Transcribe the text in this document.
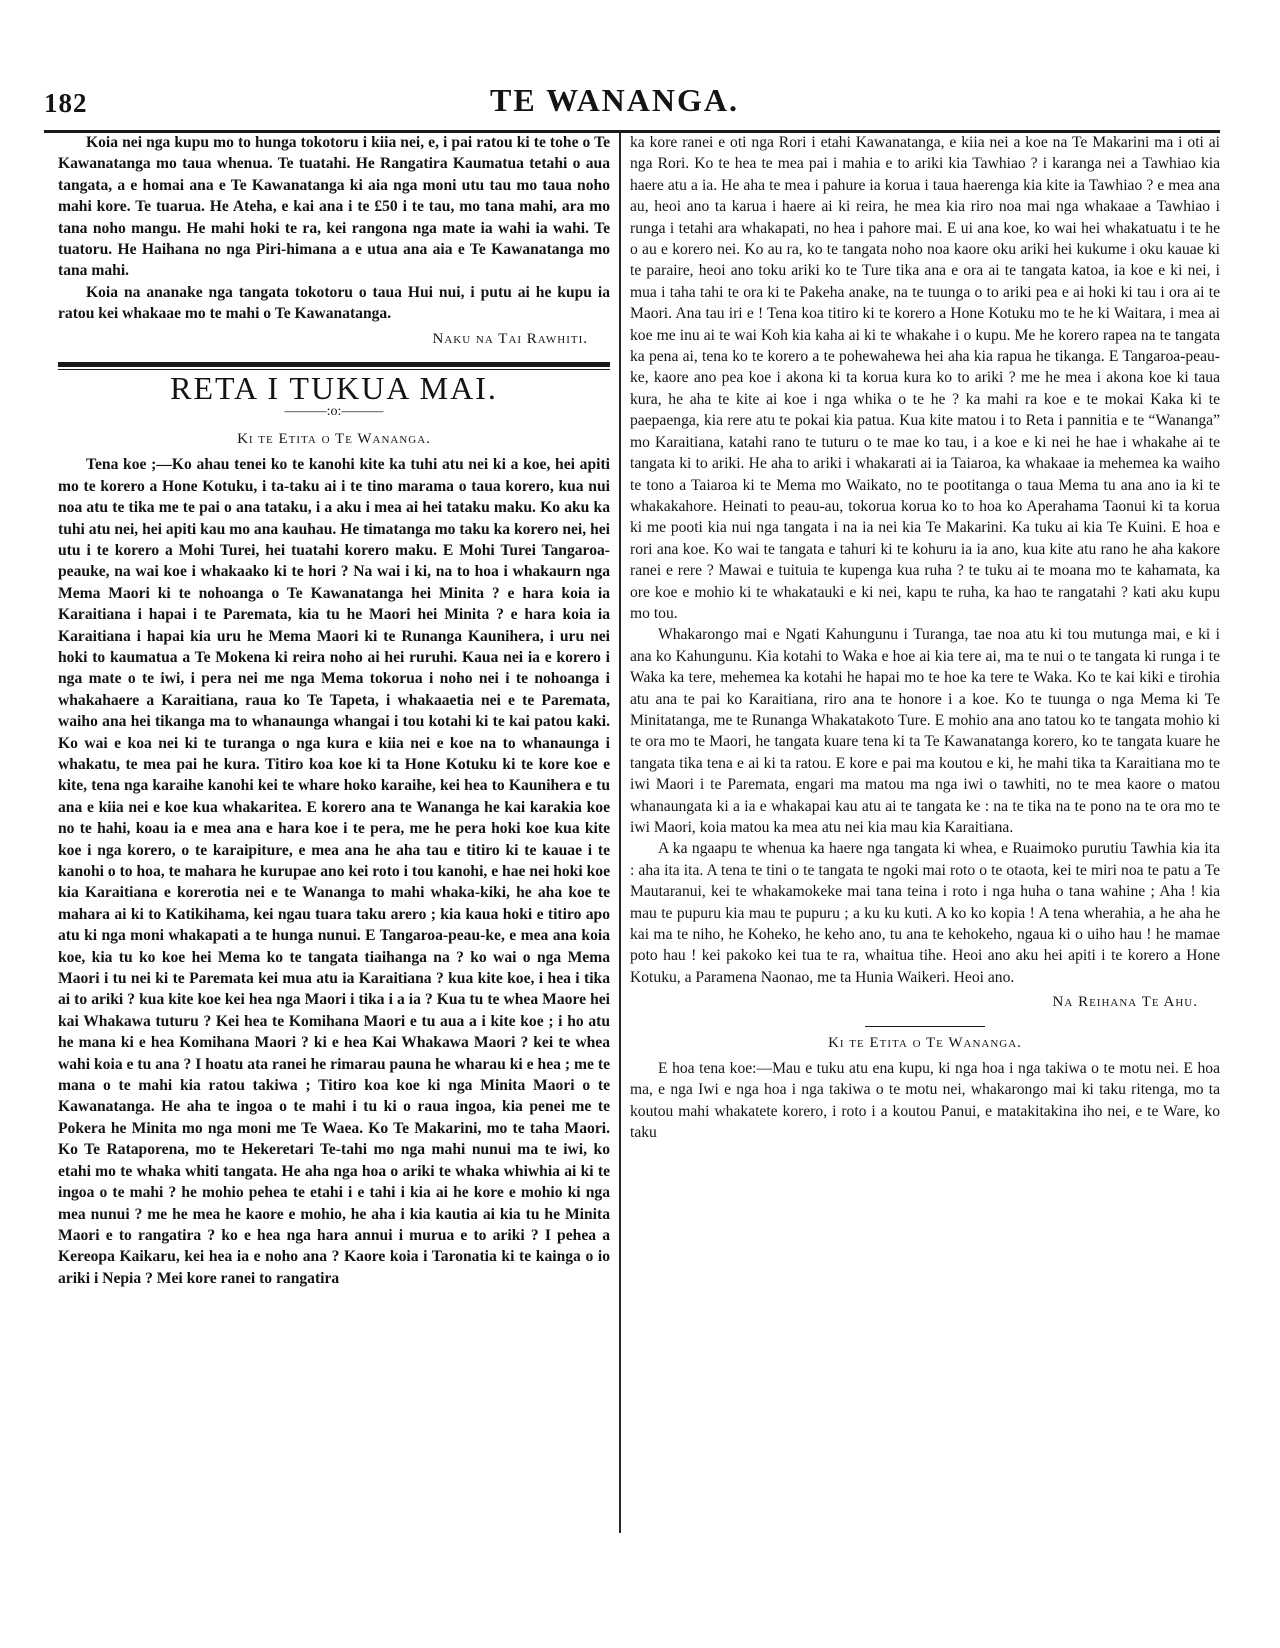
182	TE WANANGA.

Koia nei nga kupu mo to hunga tokotoru i kiia nei, e, i pai ratou ki te tohe o Te Kawanatanga mo taua whenua. Te tuatahi. He Rangatira Kaumatua tetahi o aua tangata, a e homai ana e Te Kawanatanga ki aia nga moni utu tau mo taua noho mahi kore. Te tuarua. He Ateha, e kai ana i te £50 i te tau, mo tana mahi, ara mo tana noho mangu. He mahi hoki te ra, kei rangona nga mate ia wahi ia wahi. Te tuatoru. He Haihana no nga Piri-himana a e utua ana aia e Te Kawanatanga mo tana mahi.

Koia na ananake nga tangata tokotoru o taua Hui nui, i putu ai he kupu ia ratou kei whakaae mo te mahi o Te Kawanatanga.

Naku na Tai Rawhiti.
RETA I TUKUA MAI.
———:o:———
Ki te Etita o Te Wananga.

Tena koe ;—Ko ahau tenei ko te kanohi kite ka tuhi atu nei ki a koe, hei apiti mo te korero a Hone Kotuku, i ta-taku ai i te tino marama o taua korero, kua nui noa atu te tika me te pai o ana tataku, i a aku i mea ai hei tataku maku. Ko aku ka tuhi atu nei, hei apiti kau mo ana kauhau. He timatanga mo taku ka korero nei, hei utu i te korero a Mohi Turei, hei tuatahi korero maku. E Mohi Turei Tangaroa-peauke, na wai koe i whakaako ki te hori ? Na wai i ki, na to hoa i whakaurn nga Mema Maori ki te nohoanga o Te Kawanatanga hei Minita ? e hara koia ia Karaitiana i hapai i te Paremata, kia tu he Maori hei Minita ? e hara koia ia Karaitiana i hapai kia uru he Mema Maori ki te Runanga Kaunihera, i uru nei hoki to kaumatua a Te Mokena ki reira noho ai hei ruruhi. Kaua nei ia e korero i nga mate o te iwi, i pera nei me nga Mema tokorua i noho nei i te nohoanga i whakahaere a Karaitiana, raua ko Te Tapeta, i whakaaetia nei e te Paremata, waiho ana hei tikanga ma to whanaunga whangai i tou kotahi ki te kai patou kaki. Ko wai e koa nei ki te turanga o nga kura e kiia nei e koe na to whanaunga i whakatu, te mea pai he kura. Titiro koa koe ki ta Hone Kotuku ki te kore koe e kite, tena nga karaihe kanohi kei te whare hoko karaihe, kei hea to Kaunihera e tu ana e kiia nei e koe kua whakaritea. E korero ana te Wananga he kai karakia koe no te hahi, koau ia e mea ana e hara koe i te pera, me he pera hoki koe kua kite koe i nga korero, o te karaipiture, e mea ana he aha tau e titiro ki te kauae i te kanohi o to hoa, te mahara he kurupae ano kei roto i tou kanohi, e hae nei hoki koe kia Karaitiana e korerotia nei e te Wananga to mahi whaka-kiki, he aha koe te mahara ai ki to Katikihama, kei ngau tuara taku arero ; kia kaua hoki e titiro apo atu ki nga moni whakapati a te hunga nunui. E Tangaroa-peau-ke, e mea ana koia koe, kia tu ko koe hei Mema ko te tangata tiaihanga na ? ko wai o nga Mema Maori i tu nei ki te Paremata kei mua atu ia Karaitiana ? kua kite koe, i hea i tika ai to ariki ? kua kite koe kei hea nga Maori i tika i a ia ? Kua tu te whea Maore hei kai Whakawa tuturu ? Kei hea te Komihana Maori e tu aua a i kite koe ; i ho atu he mana ki e hea Komihana Maori ? ki e hea Kai Whakawa Maori ? kei te whea wahi koia e tu ana ? I hoatu ata ranei he rimarau pauna he wharau ki e hea ; me te mana o te mahi kia ratou takiwa ; Titiro koa koe ki nga Minita Maori o te Kawanatanga. He aha te ingoa o te mahi i tu ki o raua ingoa, kia penei me te Pokera he Minita mo nga moni me Te Waea. Ko Te Makarini, mo te taha Maori. Ko Te Rataporena, mo te Hekeretari Te-tahi mo nga mahi nunui ma te iwi, ko etahi mo te whaka whiti tangata. He aha nga hoa o ariki te whaka whiwhia ai ki te ingoa o te mahi ? he mohio pehea te etahi i e tahi i kia ai he kore e mohio ki nga mea nunui ? me he mea he kaore e mohio, he aha i kia kautia ai kia tu he Minita Maori e to rangatira ? ko e hea nga hara annui i murua e to ariki ? I pehea a Kereopa Kaikaru, kei hea ia e noho ana ? Kaore koia i Taronatia ki te kainga o io ariki i Nepia ? Mei kore ranei to rangatira

ka kore ranei e oti nga Rori i etahi Kawanatanga, e kiia nei a koe na Te Makarini ma i oti ai nga Rori. Ko te hea te mea pai i mahia e to ariki kia Tawhiao ? i karanga nei a Tawhiao kia haere atu a ia. He aha te mea i pahure ia korua i taua haerenga kia kite ia Tawhiao ? e mea ana au, heoi ano ta karua i haere ai ki reira, he mea kia riro noa mai nga whakaae a Tawhiao i runga i tetahi ara whakapati, no hea i pahore mai. E ui ana koe, ko wai hei whakatuatu i te he o au e korero nei. Ko au ra, ko te tangata noho noa kaore oku ariki hei kukume i oku kauae ki te paraire, heoi ano toku ariki ko te Ture tika ana e ora ai te tangata katoa, ia koe e ki nei, i mua i taha tahi te ora ki te Pakeha anake, na te tuunga o to ariki pea e ai hoki ki tau i ora ai te Maori. Ana tau iri e ! Tena koa titiro ki te korero a Hone Kotuku mo te he ki Waitara, i mea ai koe me inu ai te wai Koh kia kaha ai ki te whakahe i o kupu. Me he korero rapea na te tangata ka pena ai, tena ko te korero a te pohewahewa hei aha kia rapua he tikanga. E Tangaroa-peau-ke, kaore ano pea koe i akona ki ta korua kura ko to ariki ? me he mea i akona koe ki taua kura, he aha te kite ai koe i nga whika o te he ? ka mahi ra koe e te mokai Kaka ki te paepaenga, kia rere atu te pokai kia patua. Kua kite matou i to Reta i pannitia e te “Wananga” mo Karaitiana, katahi rano te tuturu o te mae ko tau, i a koe e ki nei he hae i whakahe ai te tangata ki to ariki. He aha to ariki i whakarati ai ia Taiaroa, ka whakaae ia mehemea ka waiho te tono a Taiaroa ki te Mema mo Waikato, no te pootitanga o taua Mema tu ana ano ia ki te whakakahore. Heinati to peau-au, tokorua korua ko to hoa ko Aperahama Taonui ki ta korua ki me pooti kia nui nga tangata i na ia nei kia Te Makarini. Ka tuku ai kia Te Kuini. E hoa e rori ana koe. Ko wai te tangata e tahuri ki te kohuru ia ia ano, kua kite atu rano he aha kakore ranei e rere ? Mawai e tuituia te kupenga kua ruha ? te tuku ai te moana mo te kahamata, ka ore koe e mohio ki te whakatauki e ki nei, kapu te ruha, ka hao te rangatahi ? kati aku kupu mo tou.

Whakarongo mai e Ngati Kahungunu i Turanga, tae noa atu ki tou mutunga mai, e ki i ana ko Kahungunu. Kia kotahi to Waka e hoe ai kia tere ai, ma te nui o te tangata ki runga i te Waka ka tere, mehemea ka kotahi he hapai mo te hoe ka tere te Waka. Ko te kai kiki e tirohia atu ana te pai ko Karaitiana, riro ana te honore i a koe. Ko te tuunga o nga Mema ki Te Minitatanga, me te Runanga Whakatakoto Ture. E mohio ana ano tatou ko te tangata mohio ki te ora mo te Maori, he tangata kuare tena ki ta Te Kawanatanga korero, ko te tangata kuare he tangata tika tena e ai ki ta ratou. E kore e pai ma koutou e ki, he mahi tika ta Karaitiana mo te iwi Maori i te Paremata, engari ma matou ma nga iwi o tawhiti, no te mea kaore o matou whanaungata ki a ia e whakapai kau atu ai te tangata ke : na te tika na te pono na te ora mo te iwi Maori, koia matou ka mea atu nei kia mau kia Karaitiana.

A ka ngaapu te whenua ka haere nga tangata ki whea, e Ruaimoko purutiu Tawhia kia ita : aha ita ita. A tena te tini o te tangata te ngoki mai roto o te otaota, kei te miri noa te patu a Te Mautaranui, kei te whakamokeke mai tana teina i roto i nga huha o tana wahine ; Aha ! kia mau te pupuru kia mau te pupuru ; a ku ku kuti. A ko ko kopia ! A tena wherahia, a he aha he kai ma te niho, he Koheko, he keho ano, tu ana te kehokeho, ngaua ki o uiho hau ! he mamae poto hau ! kei pakoko kei tua te ra, whaitua tihe. Heoi ano aku hei apiti i te korero a Hone Kotuku, a Paramena Naonao, me ta Hunia Waikeri. Heoi ano.

Na Reihana Te Ahu.
Ki te Etita o Te Wananga.

E hoa tena koe:—Mau e tuku atu ena kupu, ki nga hoa i nga takiwa o te motu nei. E hoa ma, e nga Iwi e nga hoa i nga takiwa o te motu nei, whakarongo mai ki taku ritenga, mo ta koutou mahi whakatete korero, i roto i a koutou Panui, e matakitakina iho nei, e te Ware, ko taku
